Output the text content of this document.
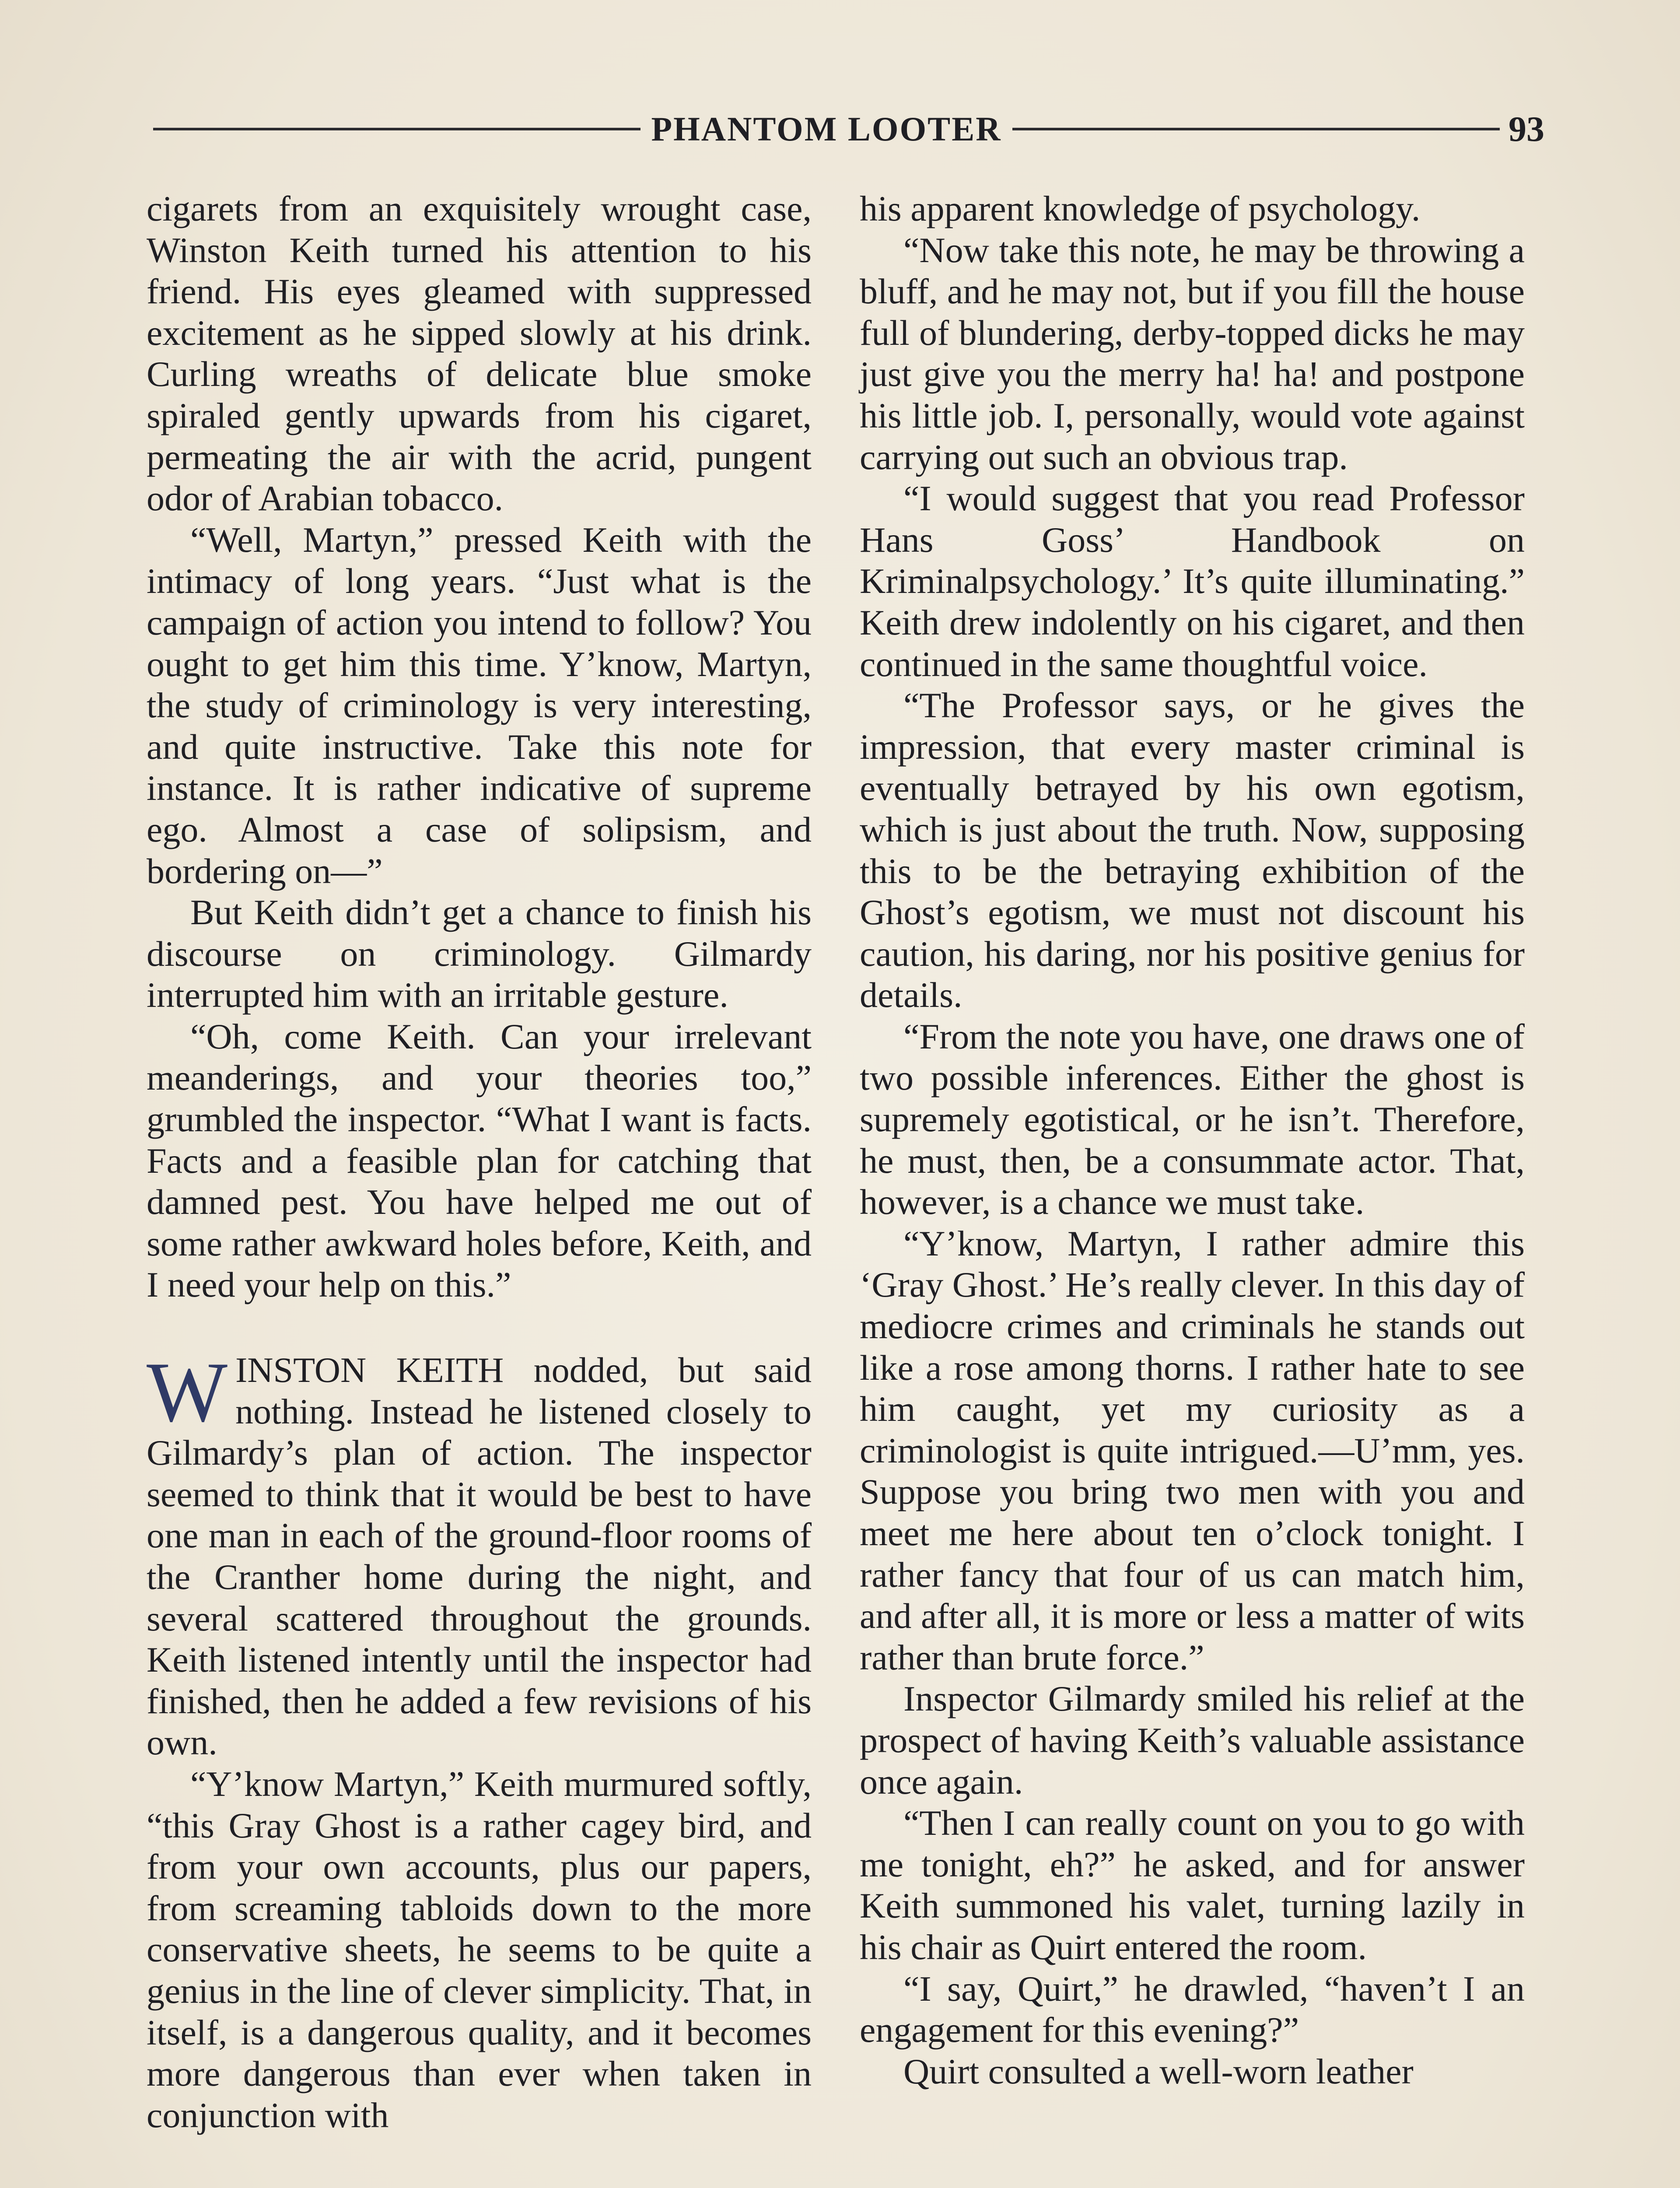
PHANTOM LOOTER	93

cigarets from an exquisitely wrought case, Winston Keith turned his attention to his friend. His eyes gleamed with suppressed excitement as he sipped slowly at his drink. Curling wreaths of delicate blue smoke spiraled gently upwards from his cigaret, permeating the air with the acrid, pungent odor of Arabian tobacco.

“Well, Martyn,” pressed Keith with the intimacy of long years. “Just what is the campaign of action you intend to follow? You ought to get him this time. Y’know, Martyn, the study of criminology is very interesting, and quite instructive. Take this note for instance. It is rather indicative of supreme ego. Almost a case of solipsism, and bordering on—”

But Keith didn’t get a chance to finish his discourse on criminology. Gilmardy interrupted him with an irritable gesture.

“Oh, come Keith. Can your irrelevant meanderings, and your theories too,” grumbled the inspector. “What I want is facts. Facts and a feasible plan for catching that damned pest. You have helped me out of some rather awkward holes before, Keith, and I need your help on this.”

WINSTON KEITH nodded, but said nothing. Instead he listened closely to Gilmardy’s plan of action. The inspector seemed to think that it would be best to have one man in each of the ground-floor rooms of the Cranther home during the night, and several scattered throughout the grounds. Keith listened intently until the inspector had finished, then he added a few revisions of his own.

“Y’know Martyn,” Keith murmured softly, “this Gray Ghost is a rather cagey bird, and from your own accounts, plus our papers, from screaming tabloids down to the more conservative sheets, he seems to be quite a genius in the line of clever simplicity. That, in itself, is a dangerous quality, and it becomes more dangerous than ever when taken in conjunction with

his apparent knowledge of psychology.

“Now take this note, he may be throwing a bluff, and he may not, but if you fill the house full of blundering, derby-topped dicks he may just give you the merry ha! ha! and postpone his little job. I, personally, would vote against carrying out such an obvious trap.

“I would suggest that you read Professor Hans Goss’ Handbook on Kriminalpsychology.’ It’s quite illuminating.” Keith drew indolently on his cigaret, and then continued in the same thoughtful voice.

“The Professor says, or he gives the impression, that every master criminal is eventually betrayed by his own egotism, which is just about the truth. Now, supposing this to be the betraying exhibition of the Ghost’s egotism, we must not discount his caution, his daring, nor his positive genius for details.

“From the note you have, one draws one of two possible inferences. Either the ghost is supremely egotistical, or he isn’t. Therefore, he must, then, be a consummate actor. That, however, is a chance we must take.

“Y’know, Martyn, I rather admire this ‘Gray Ghost.’ He’s really clever. In this day of mediocre crimes and criminals he stands out like a rose among thorns. I rather hate to see him caught, yet my curiosity as a criminologist is quite intrigued.—U’mm, yes. Suppose you bring two men with you and meet me here about ten o’clock tonight. I rather fancy that four of us can match him, and after all, it is more or less a matter of wits rather than brute force.”

Inspector Gilmardy smiled his relief at the prospect of having Keith’s valuable assistance once again.

“Then I can really count on you to go with me tonight, eh?” he asked, and for answer Keith summoned his valet, turning lazily in his chair as Quirt entered the room.

“I say, Quirt,” he drawled, “haven’t I an engagement for this evening?”

Quirt consulted a well-worn leather
